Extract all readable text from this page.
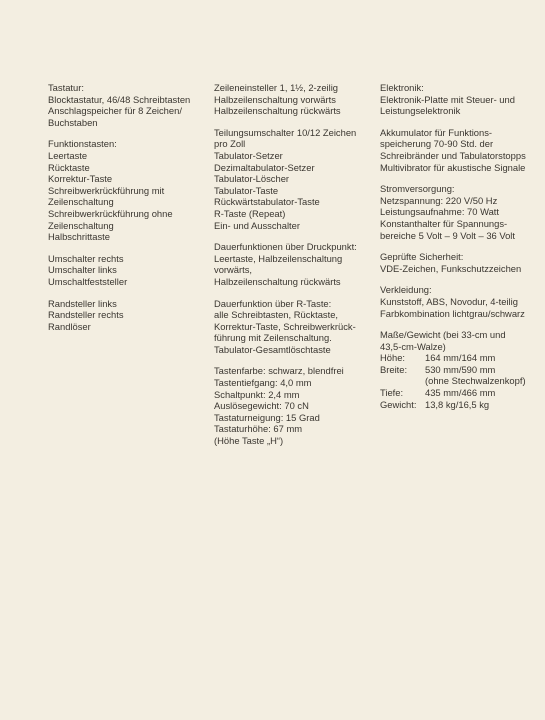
Tastatur:
Blocktastatur, 46/48 Schreibtasten
Anschlagspeicher für 8 Zeichen/
Buchstaben
Funktionstasten:
Leertaste
Rücktaste
Korrektur-Taste
Schreibwerkrückführung mit
Zeilenschaltung
Schreibwerkrückführung ohne
Zeilenschaltung
Halbschrittaste
Umschalter rechts
Umschalter links
Umschaltfeststeller
Randsteller links
Randsteller rechts
Randlöser
Zeileneinsteller 1, 1½, 2-zeilig
Halbzeilenschaltung vorwärts
Halbzeilenschaltung rückwärts
Teilungsumschalter 10/12 Zeichen
pro Zoll
Tabulator-Setzer
Dezimaltabulator-Setzer
Tabulator-Löscher
Tabulator-Taste
Rückwärtstabulator-Taste
R-Taste (Repeat)
Ein- und Ausschalter
Dauerfunktionen über Druckpunkt:
Leertaste, Halbzeilenschaltung
vorwärts,
Halbzeilenschaltung rückwärts
Dauerfunktion über R-Taste:
alle Schreibtasten, Rücktaste,
Korrektur-Taste, Schreibwerkrück-
führung mit Zeilenschaltung.
Tabulator-Gesamtlöschtaste
Tastenfarbe: schwarz, blendfrei
Tastentiefgang: 4,0 mm
Schaltpunkt: 2,4 mm
Auslösegewicht: 70 cN
Tastaturneigung: 15 Grad
Tastaturhöhe: 67 mm
(Höhe Taste „H“)
Elektronik:
Elektronik-Platte mit Steuer- und
Leistungselektronik
Akkumulator für Funktions-
speicherung 70-90 Std. der
Schreibränder und Tabulatorstopps
Multivibrator für akustische Signale
Stromversorgung:
Netzspannung: 220 V/50 Hz
Leistungsaufnahme: 70 Watt
Konstanthalter für Spannungs-
bereiche 5 Volt – 9 Volt – 36 Volt
Geprüfte Sicherheit:
VDE-Zeichen, Funkschutzzeichen
Verkleidung:
Kunststoff, ABS, Novodur, 4-teilig
Farbkombination lichtgrau/schwarz
Maße/Gewicht (bei 33-cm und
43,5-cm-Walze)
Höhe:	164 mm/164 mm
Breite:	530 mm/590 mm
	(ohne Stechwalzenkopf)
Tiefe:	435 mm/466 mm
Gewicht:	13,8 kg/16,5 kg
